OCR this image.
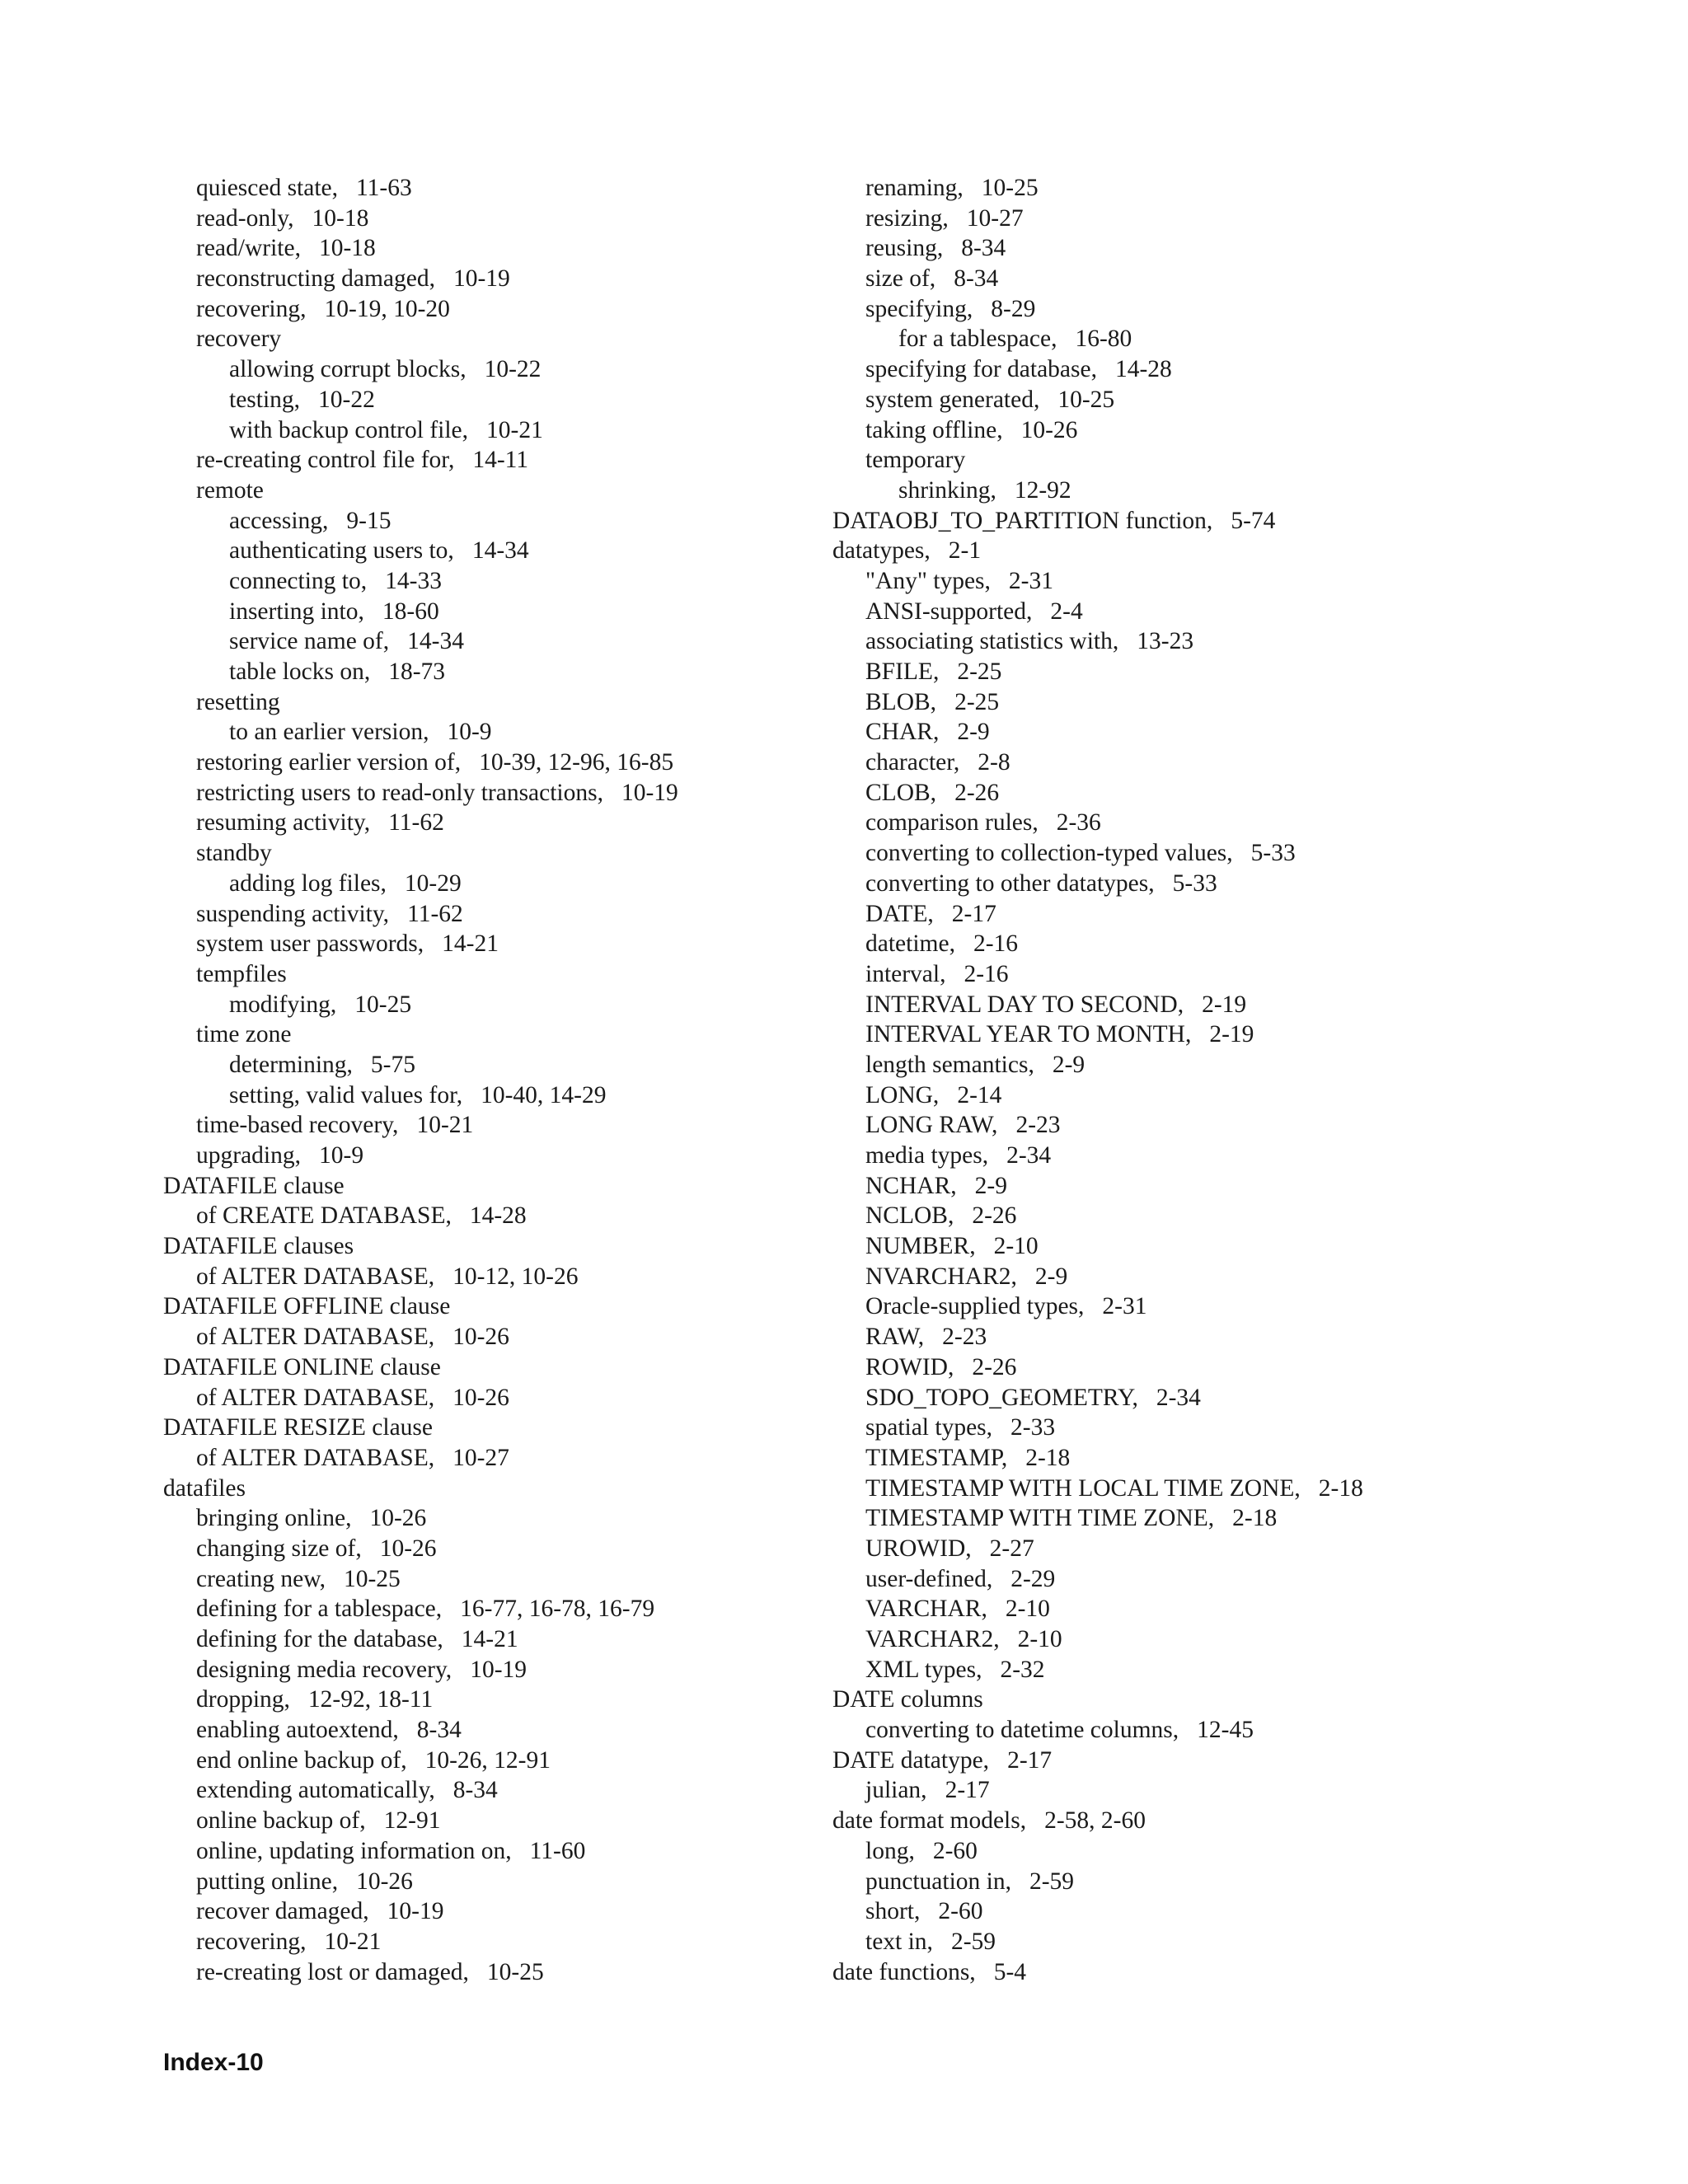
quiesced state, 11-63
read-only, 10-18
read/write, 10-18
reconstructing damaged, 10-19
recovering, 10-19, 10-20
recovery
allowing corrupt blocks, 10-22
testing, 10-22
with backup control file, 10-21
re-creating control file for, 14-11
remote
accessing, 9-15
authenticating users to, 14-34
connecting to, 14-33
inserting into, 18-60
service name of, 14-34
table locks on, 18-73
resetting
to an earlier version, 10-9
restoring earlier version of, 10-39, 12-96, 16-85
restricting users to read-only transactions, 10-19
resuming activity, 11-62
standby
adding log files, 10-29
suspending activity, 11-62
system user passwords, 14-21
tempfiles
modifying, 10-25
time zone
determining, 5-75
setting, valid values for, 10-40, 14-29
time-based recovery, 10-21
upgrading, 10-9
DATAFILE clause
of CREATE DATABASE, 14-28
DATAFILE clauses
of ALTER DATABASE, 10-12, 10-26
DATAFILE OFFLINE clause
of ALTER DATABASE, 10-26
DATAFILE ONLINE clause
of ALTER DATABASE, 10-26
DATAFILE RESIZE clause
of ALTER DATABASE, 10-27
datafiles
bringing online, 10-26
changing size of, 10-26
creating new, 10-25
defining for a tablespace, 16-77, 16-78, 16-79
defining for the database, 14-21
designing media recovery, 10-19
dropping, 12-92, 18-11
enabling autoextend, 8-34
end online backup of, 10-26, 12-91
extending automatically, 8-34
online backup of, 12-91
online, updating information on, 11-60
putting online, 10-26
recover damaged, 10-19
recovering, 10-21
re-creating lost or damaged, 10-25
renaming, 10-25
resizing, 10-27
reusing, 8-34
size of, 8-34
specifying, 8-29
for a tablespace, 16-80
specifying for database, 14-28
system generated, 10-25
taking offline, 10-26
temporary
shrinking, 12-92
DATAOBJ_TO_PARTITION function, 5-74
datatypes, 2-1
"Any" types, 2-31
ANSI-supported, 2-4
associating statistics with, 13-23
BFILE, 2-25
BLOB, 2-25
CHAR, 2-9
character, 2-8
CLOB, 2-26
comparison rules, 2-36
converting to collection-typed values, 5-33
converting to other datatypes, 5-33
DATE, 2-17
datetime, 2-16
interval, 2-16
INTERVAL DAY TO SECOND, 2-19
INTERVAL YEAR TO MONTH, 2-19
length semantics, 2-9
LONG, 2-14
LONG RAW, 2-23
media types, 2-34
NCHAR, 2-9
NCLOB, 2-26
NUMBER, 2-10
NVARCHAR2, 2-9
Oracle-supplied types, 2-31
RAW, 2-23
ROWID, 2-26
SDO_TOPO_GEOMETRY, 2-34
spatial types, 2-33
TIMESTAMP, 2-18
TIMESTAMP WITH LOCAL TIME ZONE, 2-18
TIMESTAMP WITH TIME ZONE, 2-18
UROWID, 2-27
user-defined, 2-29
VARCHAR, 2-10
VARCHAR2, 2-10
XML types, 2-32
DATE columns
converting to datetime columns, 12-45
DATE datatype, 2-17
julian, 2-17
date format models, 2-58, 2-60
long, 2-60
punctuation in, 2-59
short, 2-60
text in, 2-59
date functions, 5-4
Index-10
